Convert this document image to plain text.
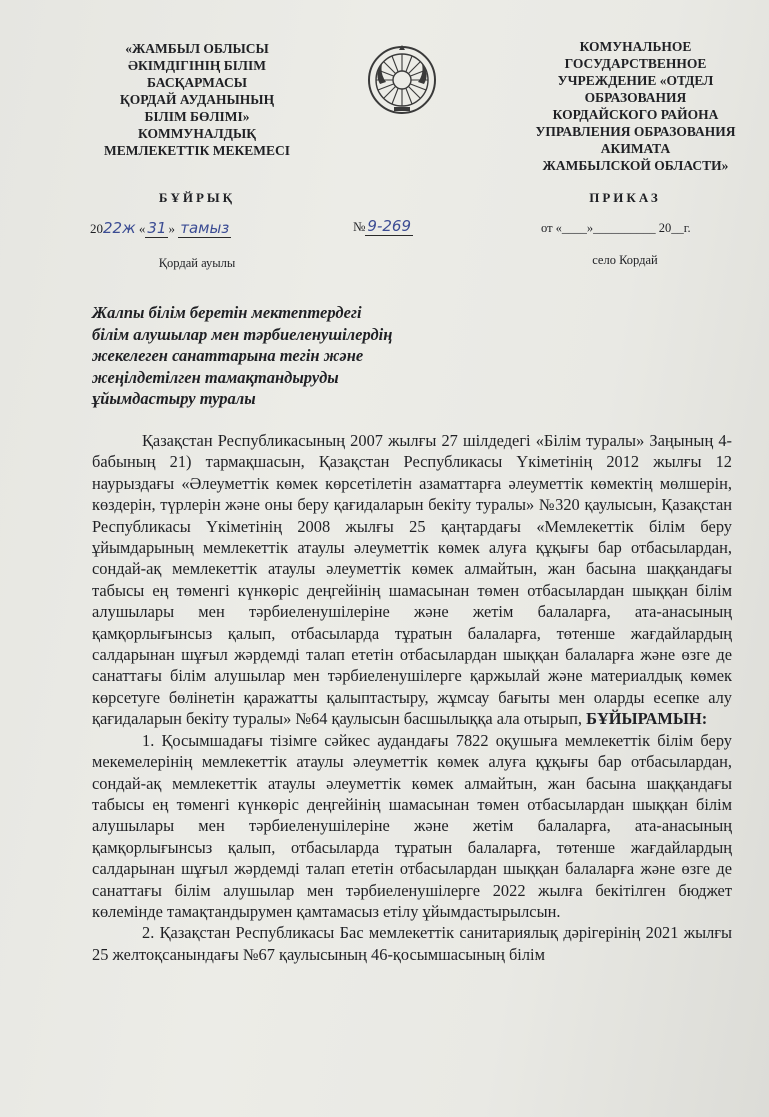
«ЖАМБЫЛ ОБЛЫСЫ
ӘКІМДІГІНІҢ БІЛІМ
БАСҚАРМАСЫ
ҚОРДАЙ АУДАНЫНЫҢ
БІЛІМ БӨЛІМІ»
КОММУНАЛДЫҚ
МЕМЛЕКЕТТІК МЕКЕМЕСІ
КОМУНАЛЬНОЕ
ГОСУДАРСТВЕННОЕ
УЧРЕЖДЕНИЕ «ОТДЕЛ
ОБРАЗОВАНИЯ
КОРДАЙСКОГО РАЙОНА
УПРАВЛЕНИЯ ОБРАЗОВАНИЯ
АКИМАТА
ЖАМБЫЛСКОЙ ОБЛАСТИ»
БҰЙРЫҚ	ПРИКАЗ
2022ж « 31 » тамыз	№ 9-269	от «____»__________ 20__г.
Қордай ауылы	село Кордай
Жалпы білім беретін мектептердегі
білім алушылар мен тәрбиеленушілердің
жекелеген санаттарына тегін және
жеңілдетілген тамақтандыруды
ұйымдастыру туралы

Қазақстан Республикасының 2007 жылғы 27 шілдедегі «Білім туралы» Заңының 4-бабының 21) тармақшасын, Қазақстан Республикасы Үкіметінің 2012 жылғы 12 наурыздағы «Әлеуметтік көмек көрсетілетін азаматтарға әлеуметтік көмектің мөлшерін, көздерін, түрлерін және оны беру қағидаларын бекіту туралы» №320 қаулысын, Қазақстан Республикасы Үкіметінің 2008 жылғы 25 қаңтардағы «Мемлекеттік білім беру ұйымдарының мемлекеттік атаулы әлеуметтік көмек алуға құқығы бар отбасылардан, сондай-ақ мемлекеттік атаулы әлеуметтік көмек алмайтын, жан басына шаққандағы табысы ең төменгі күнкөріс деңгейінің шамасынан төмен отбасылардан шыққан білім алушылары мен тәрбиеленушілеріне және жетім балаларға, ата-анасының қамқорлығынсыз қалып, отбасыларда тұратын балаларға, төтенше жағдайлардың салдарынан шұғыл жәрдемді талап ететін отбасылардан шыққан балаларға және өзге де санаттағы білім алушылар мен тәрбиеленушілерге қаржылай және материалдық көмек көрсетуге бөлінетін қаражатты қалыптастыру, жұмсау бағыты мен оларды есепке алу қағидаларын бекіту туралы» №64 қаулысын басшылыққа ала отырып, БҰЙЫРАМЫН:

1. Қосымшадағы тізімге сәйкес аудандағы 7822 оқушыға мемлекеттік білім беру мекемелерінің мемлекеттік атаулы әлеуметтік көмек алуға құқығы бар отбасылардан, сондай-ақ мемлекеттік атаулы әлеуметтік көмек алмайтын, жан басына шаққандағы табысы ең төменгі күнкөріс деңгейінің шамасынан төмен отбасылардан шыққан білім алушылары мен тәрбиеленушілеріне және жетім балаларға, ата-анасының қамқорлығынсыз қалып, отбасыларда тұратын балаларға, төтенше жағдайлардың салдарынан шұғыл жәрдемді талап ететін отбасылардан шыққан балаларға және өзге де санаттағы білім алушылар мен тәрбиеленушілерге 2022 жылға бекітілген бюджет көлемінде тамақтандырумен қамтамасыз етілу ұйымдастырылсын.

2. Қазақстан Республикасы Бас мемлекеттік санитариялық дәрігерінің 2021 жылғы 25 желтоқсанындағы №67 қаулысының 46-қосымшасының білім
